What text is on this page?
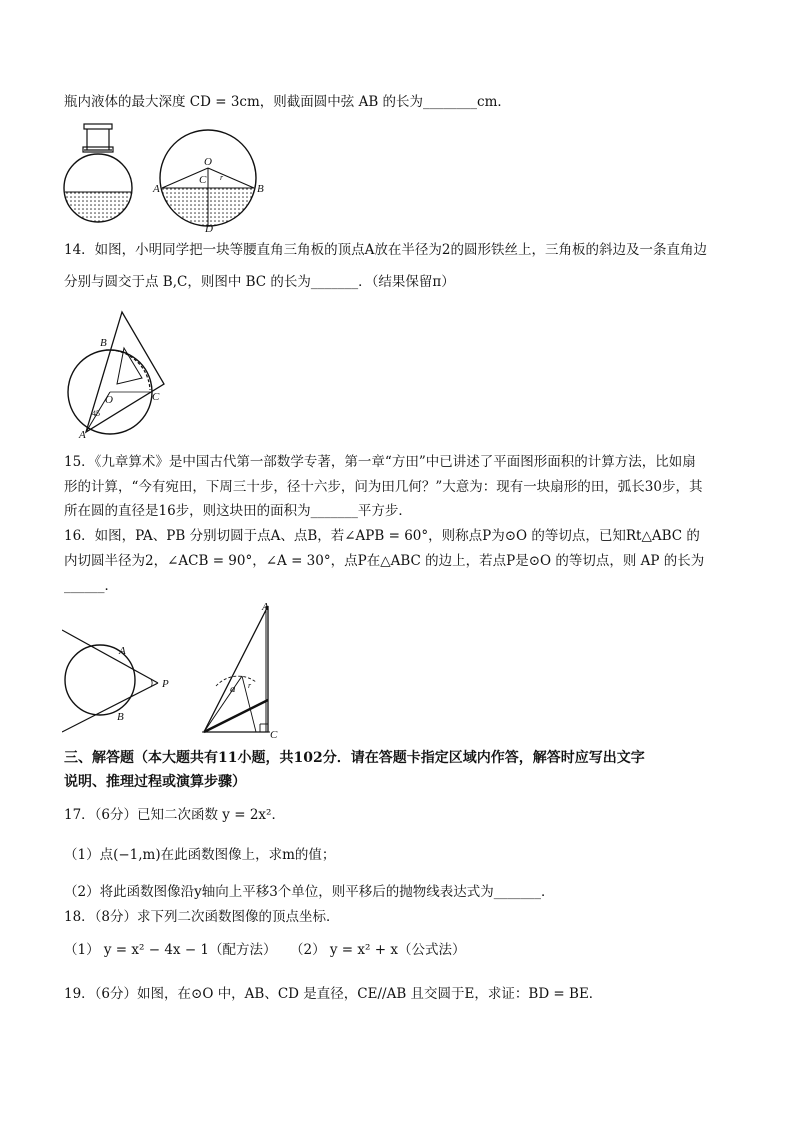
瓶内液体的最大深度 CD = 3cm，则截面圆中弦 AB 的长为________cm．
O
C
A	B
D
r
14．如图，小明同学把一块等腰直角三角板的顶点A放在半径为2的圆形铁丝上，三角板的斜边及一条直角边
分别与圆交于点 B,C，则图中 BC 的长为_______．（结果保留π）
B
O	C
A
45
15．《九章算术》是中国古代第一部数学专著，第一章“方田”中已讲述了平面图形面积的计算方法，比如扇
形的计算，“今有宛田，下周三十步，径十六步，问为田几何？”大意为：现有一块扇形的田，弧长30步，其
所在圆的直径是16步，则这块田的面积为_______平方步．
16．如图，PA、PB 分别切圆于点A、点B，若∠APB = 60°，则称点P为⊙O 的等切点，已知Rt△ABC 的
内切圆半径为2，∠ACB = 90°，∠A = 30°，点P在△ABC 的边上，若点P是⊙O 的等切点，则 AP 的长为
______．
A
B
P
A
C
a r
三、解答题（本大题共有11小题，共102分．请在答题卡指定区域内作答，解答时应写出文字
说明、推理过程或演算步骤）
17．（6分）已知二次函数 y = 2x²．
（1）点(−1,m)在此函数图像上，求m的值；
（2）将此函数图像沿y轴向上平移3个单位，则平移后的抛物线表达式为_______．
18．（8分）求下列二次函数图像的顶点坐标．
（1） y = x² − 4x − 1（配方法）　　（2） y = x² + x（公式法）
19．（6分）如图，在⊙O 中，AB、CD 是直径，CE//AB 且交圆于E，求证：BD = BE．
